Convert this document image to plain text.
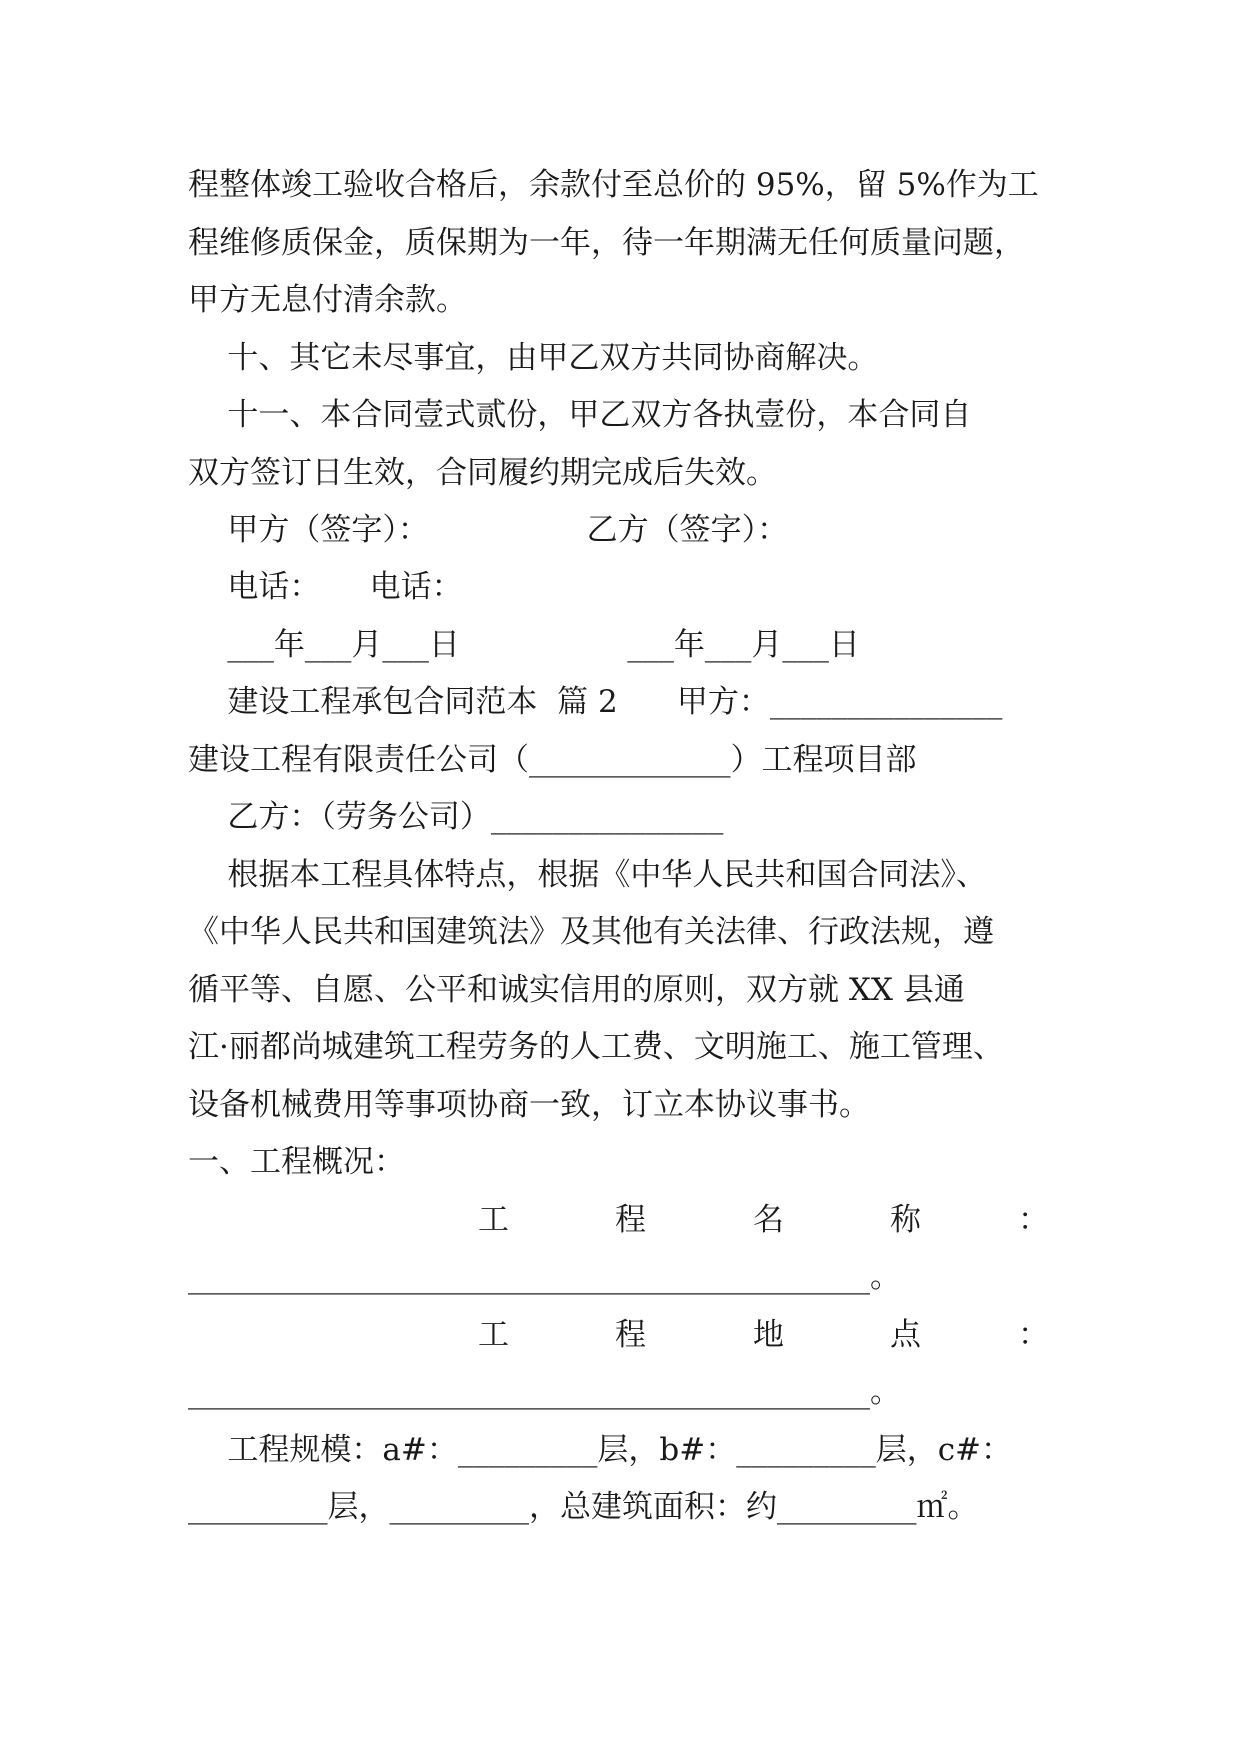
程整体竣工验收合格后，余款付至总价的 95%，留 5%作为工
程维修质保金，质保期为一年，待一年期满无任何质量问题，
甲方无息付清余款。
十、其它未尽事宜，由甲乙双方共同协商解决。
十一、本合同壹式贰份，甲乙双方各执壹份，本合同自
双方签订日生效，合同履约期完成后失效。
甲方（签字）：                乙方（签字）：
电话：     电话：
___年___月___日                 ___年___月___日
建设工程承包合同范本  篇 2      甲方：_______________
建设工程有限责任公司（_____________）工程项目部
乙方：（劳务公司）_______________
根据本工程具体特点，根据《中华人民共和国合同法》、
《中华人民共和国建筑法》及其他有关法律、行政法规，遵
循平等、自愿、公平和诚实信用的原则，双方就 XX 县通
江·丽都尚城建筑工程劳务的人工费、文明施工、施工管理、
设备机械费用等事项协商一致，订立本协议事书。
一、工程概况：
工	程	名	称	：
____________________________________________。
工	程	地	点	：
____________________________________________。
工程规模：a#：_________层，b#：_________层，c#：
_________层，_________，总建筑面积：约_________㎡。
